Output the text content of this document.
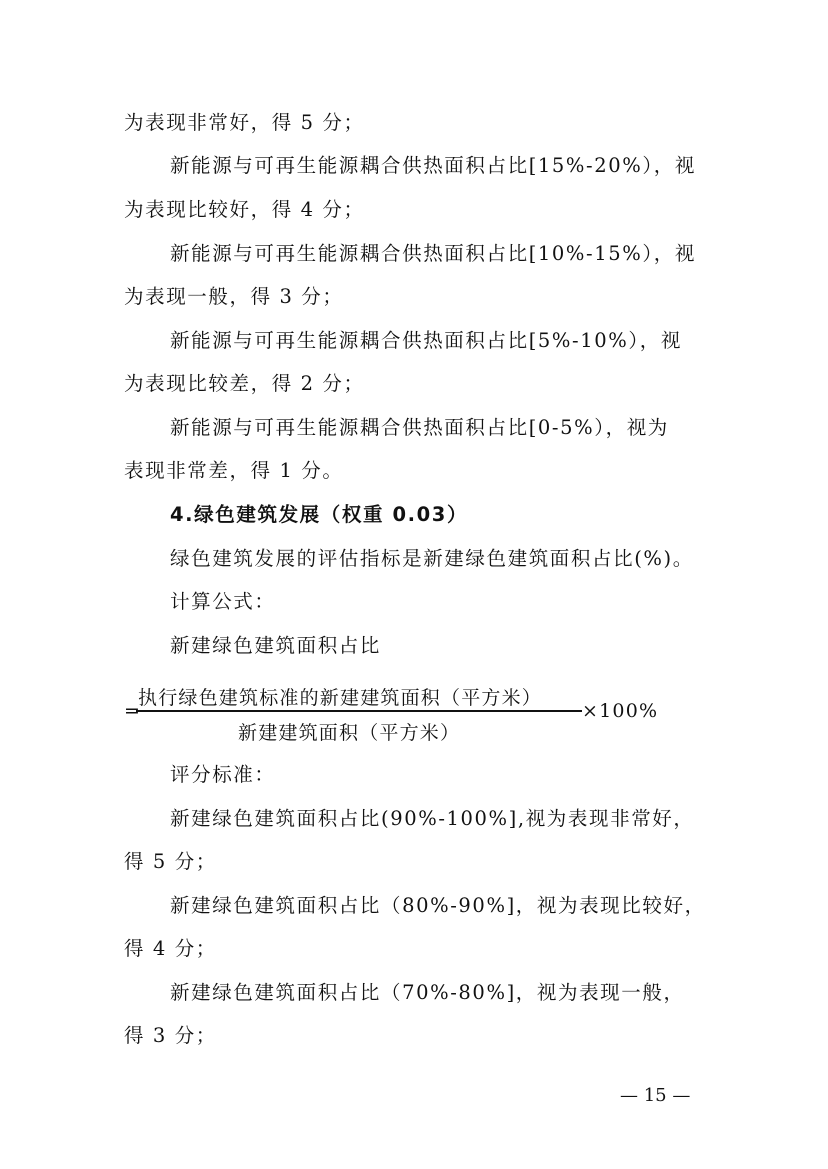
为表现非常好，得 5 分；
新能源与可再生能源耦合供热面积占比[15%-20%），视
为表现比较好，得 4 分；
新能源与可再生能源耦合供热面积占比[10%-15%），视
为表现一般，得 3 分；
新能源与可再生能源耦合供热面积占比[5%-10%），视
为表现比较差，得 2 分；
新能源与可再生能源耦合供热面积占比[0-5%），视为
表现非常差，得 1 分。
4.绿色建筑发展（权重 0.03）
绿色建筑发展的评估指标是新建绿色建筑面积占比(%)。
计算公式：
新建绿色建筑面积占比
执行绿色建筑标准的新建建筑面积（平方米）
=	×100%
新建建筑面积（平方米）
评分标准：
新建绿色建筑面积占比(90%-100%],视为表现非常好，
得 5 分；
新建绿色建筑面积占比（80%-90%]，视为表现比较好，
得 4 分；
新建绿色建筑面积占比（70%-80%]，视为表现一般，
得 3 分；
— 15 —
